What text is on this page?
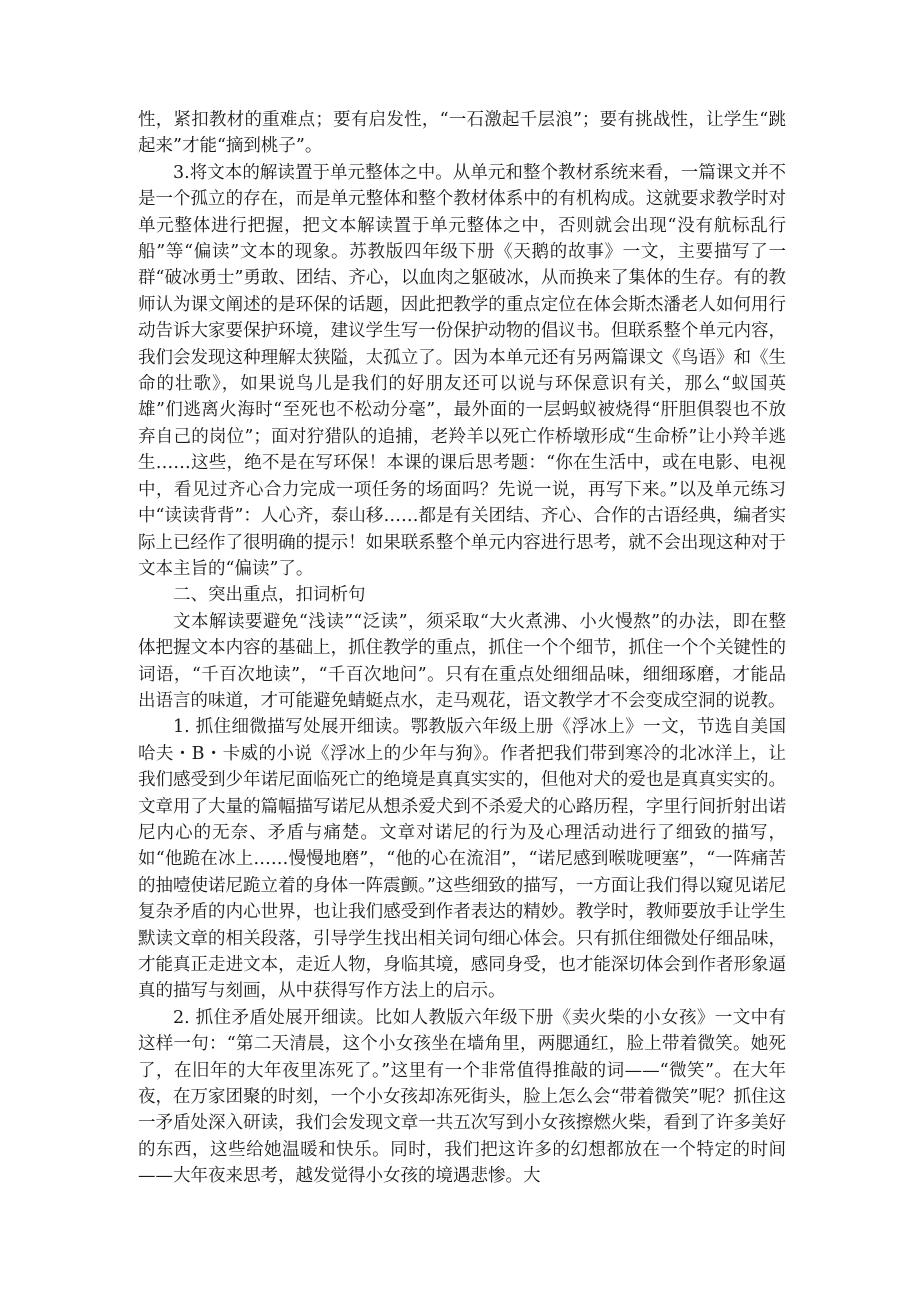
性，紧扣教材的重难点；要有启发性，“一石激起千层浪”；要有挑战性，让学生“跳起来”才能“摘到桃子”。

3.将文本的解读置于单元整体之中。从单元和整个教材系统来看，一篇课文并不是一个孤立的存在，而是单元整体和整个教材体系中的有机构成。这就要求教学时对单元整体进行把握，把文本解读置于单元整体之中，否则就会出现“没有航标乱行船”等“偏读”文本的现象。苏教版四年级下册《天鹅的故事》一文，主要描写了一群“破冰勇士”勇敢、团结、齐心，以血肉之躯破冰，从而换来了集体的生存。有的教师认为课文阐述的是环保的话题，因此把教学的重点定位在体会斯杰潘老人如何用行动告诉大家要保护环境，建议学生写一份保护动物的倡议书。但联系整个单元内容，我们会发现这种理解太狭隘，太孤立了。因为本单元还有另两篇课文《鸟语》和《生命的壮歌》，如果说鸟儿是我们的好朋友还可以说与环保意识有关，那么“蚁国英雄”们逃离火海时“至死也不松动分毫”，最外面的一层蚂蚁被烧得“肝胆俱裂也不放弃自己的岗位”；面对狞猎队的追捕，老羚羊以死亡作桥墩形成“生命桥”让小羚羊逃生……这些，绝不是在写环保！本课的课后思考题：“你在生活中，或在电影、电视中，看见过齐心合力完成一项任务的场面吗？先说一说，再写下来。”以及单元练习中“读读背背”：人心齐，泰山移……都是有关团结、齐心、合作的古语经典，编者实际上已经作了很明确的提示！如果联系整个单元内容进行思考，就不会出现这种对于文本主旨的“偏读”了。

二、突出重点，扣词析句

文本解读要避免“浅读”“泛读”，须采取“大火煮沸、小火慢熬”的办法，即在整体把握文本内容的基础上，抓住教学的重点，抓住一个个细节，抓住一个个关键性的词语，“千百次地读”，“千百次地问”。只有在重点处细细品味，细细琢磨，才能品出语言的味道，才可能避免蜻蜓点水，走马观花，语文教学才不会变成空洞的说教。

1. 抓住细微描写处展开细读。鄂教版六年级上册《浮冰上》一文，节选自美国哈夫・B・卡威的小说《浮冰上的少年与狗》。作者把我们带到寒冷的北冰洋上，让我们感受到少年诺尼面临死亡的绝境是真真实实的，但他对犬的爱也是真真实实的。文章用了大量的篇幅描写诺尼从想杀爱犬到不杀爱犬的心路历程，字里行间折射出诺尼内心的无奈、矛盾与痛楚。文章对诺尼的行为及心理活动进行了细致的描写，如“他跪在冰上……慢慢地磨”，“他的心在流泪”，“诺尼感到喉咙哽塞”，“一阵痛苦的抽噎使诺尼跪立着的身体一阵震颤。”这些细致的描写，一方面让我们得以窥见诺尼复杂矛盾的内心世界，也让我们感受到作者表达的精妙。教学时，教师要放手让学生默读文章的相关段落，引导学生找出相关词句细心体会。只有抓住细微处仔细品味，才能真正走进文本，走近人物，身临其境，感同身受，也才能深切体会到作者形象逼真的描写与刻画，从中获得写作方法上的启示。

2. 抓住矛盾处展开细读。比如人教版六年级下册《卖火柴的小女孩》一文中有这样一句：“第二天清晨，这个小女孩坐在墙角里，两腮通红，脸上带着微笑。她死了，在旧年的大年夜里冻死了。”这里有一个非常值得推敲的词——“微笑”。在大年夜，在万家团聚的时刻，一个小女孩却冻死街头，脸上怎么会“带着微笑”呢？抓住这一矛盾处深入研读，我们会发现文章一共五次写到小女孩擦燃火柴，看到了许多美好的东西，这些给她温暖和快乐。同时，我们把这许多的幻想都放在一个特定的时间——大年夜来思考，越发觉得小女孩的境遇悲惨。大
